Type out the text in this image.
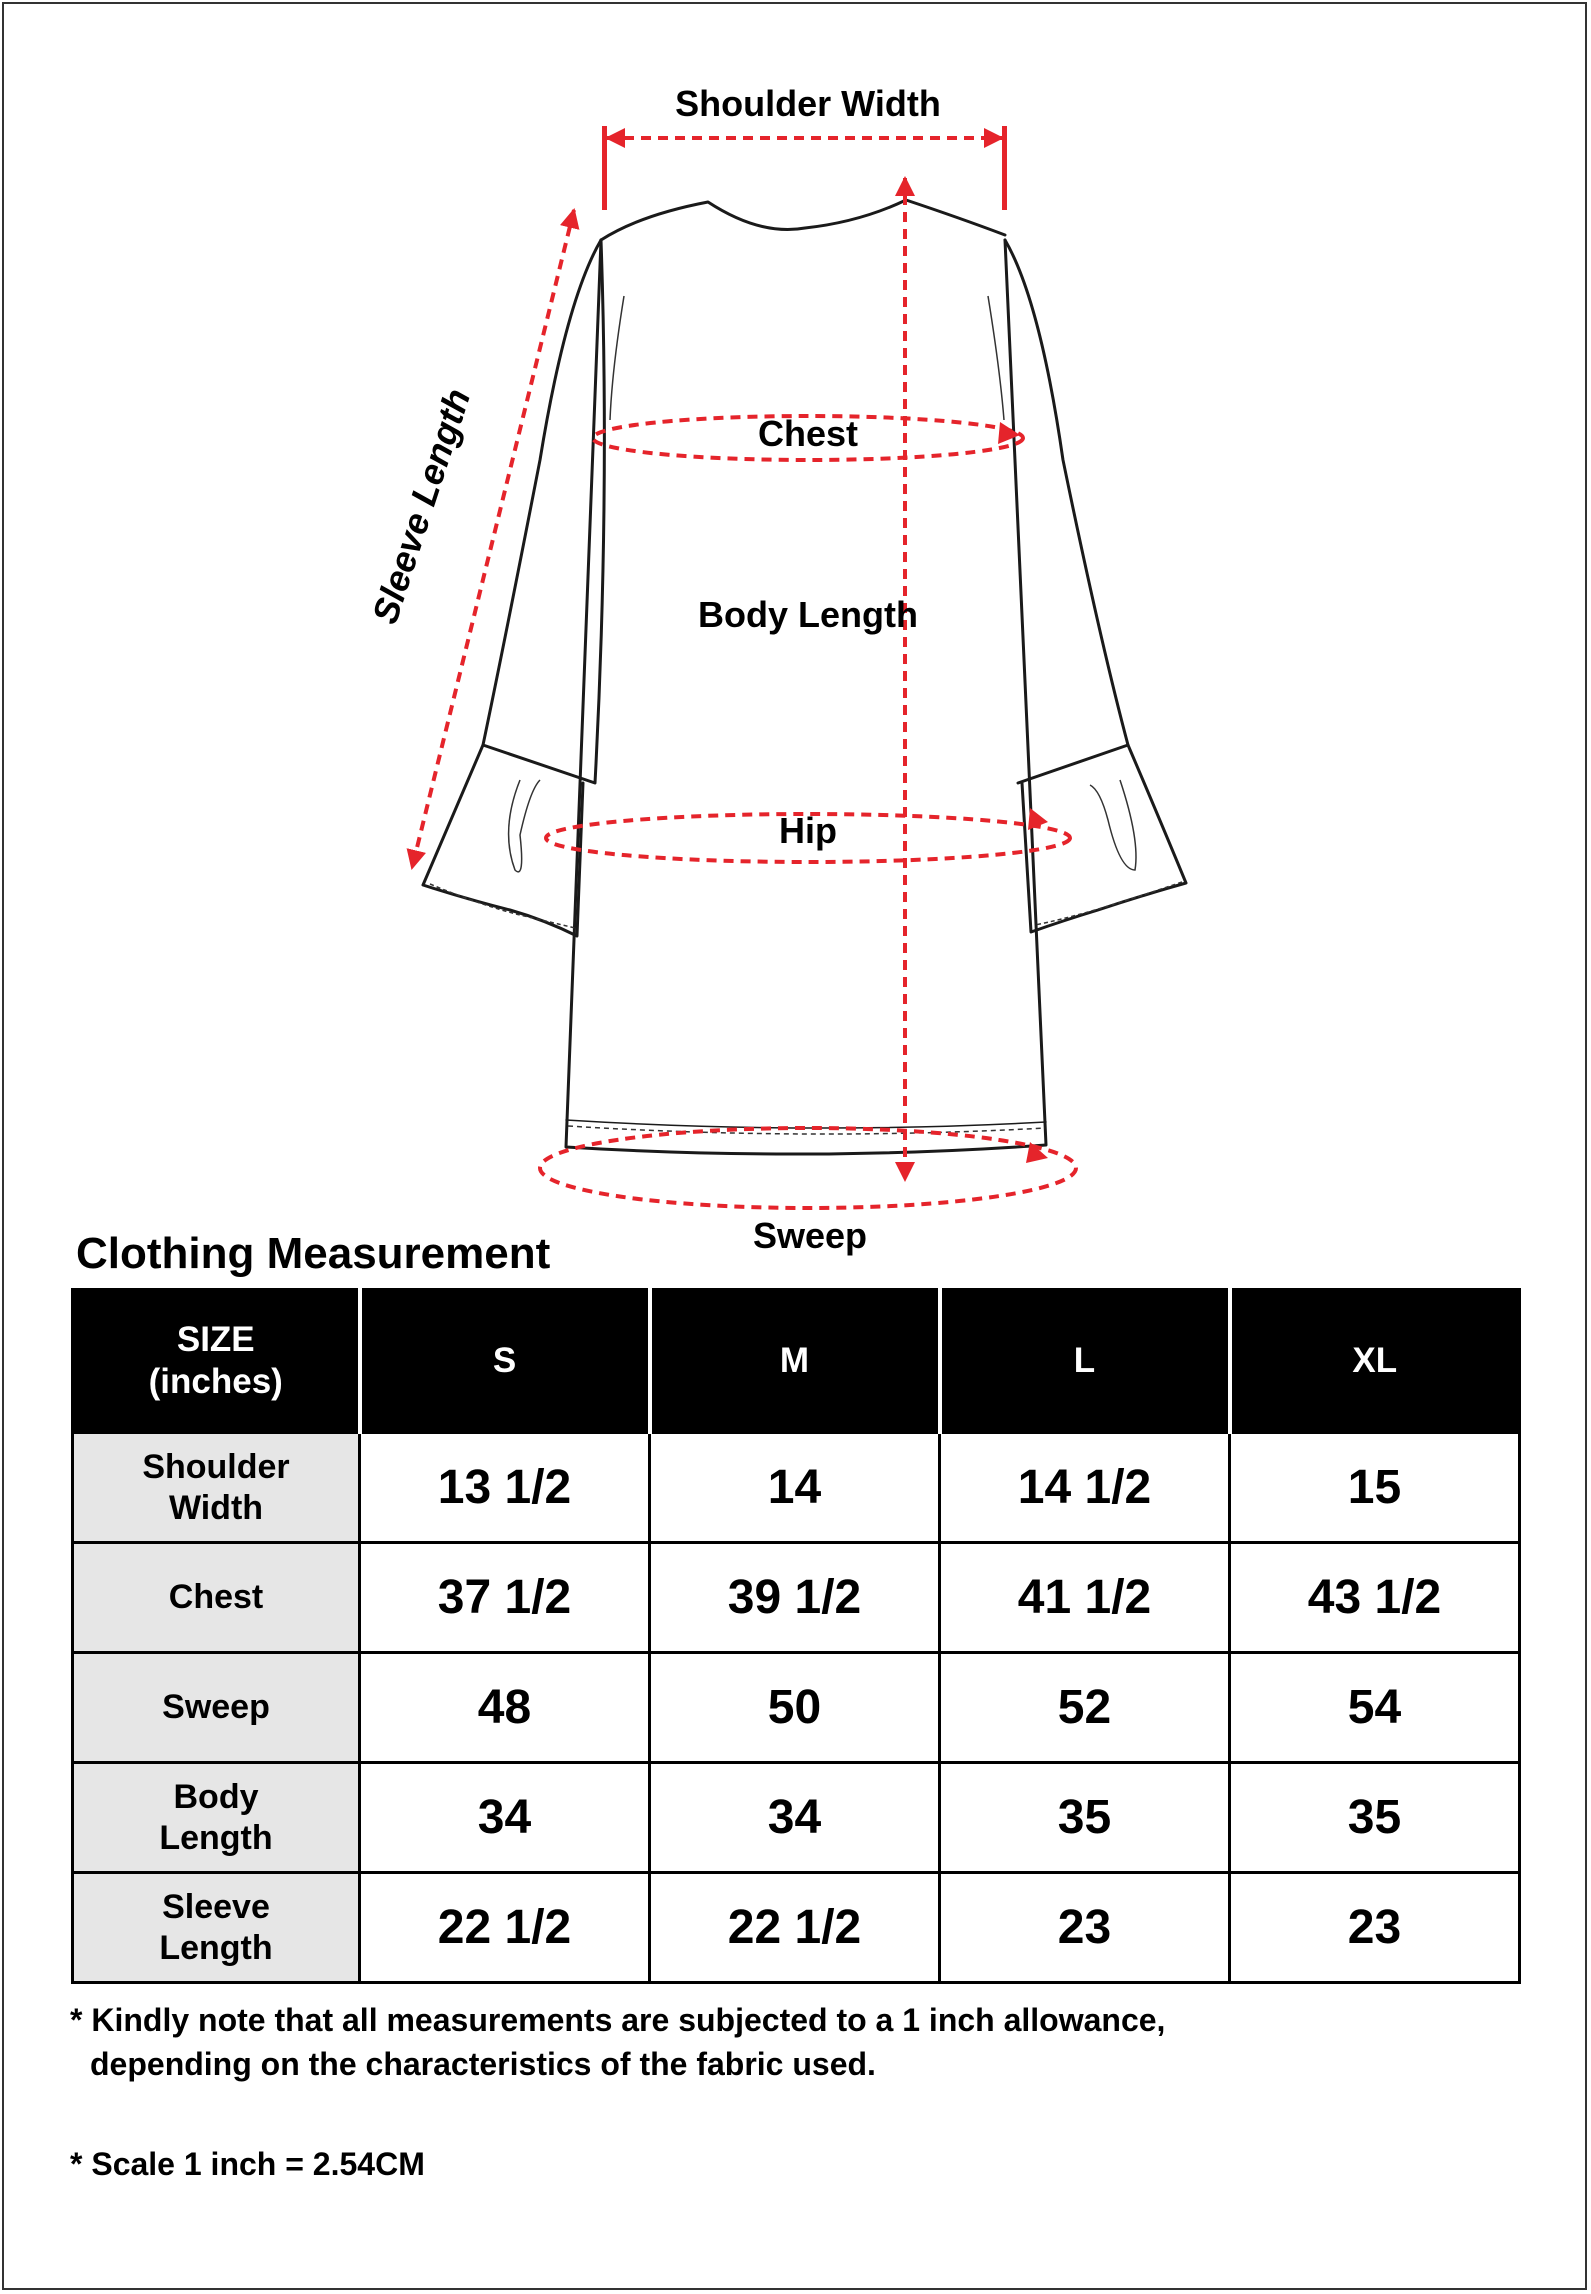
Shoulder Width
Chest
Body Length
Hip
Sweep
Sleeve Length
Clothing Measurement
SIZE
(inches)	S	M	L	XL
Shoulder
Width	13 1/2	14	14 1/2	15
Chest	37 1/2	39 1/2	41 1/2	43 1/2
Sweep	48	50	52	54
Body
Length	34	34	35	35
Sleeve
Length	22 1/2	22 1/2	23	23

* Kindly note that all measurements are subjected to a 1 inch allowance,
depending on the characteristics of the fabric used.

* Scale 1 inch = 2.54CM
